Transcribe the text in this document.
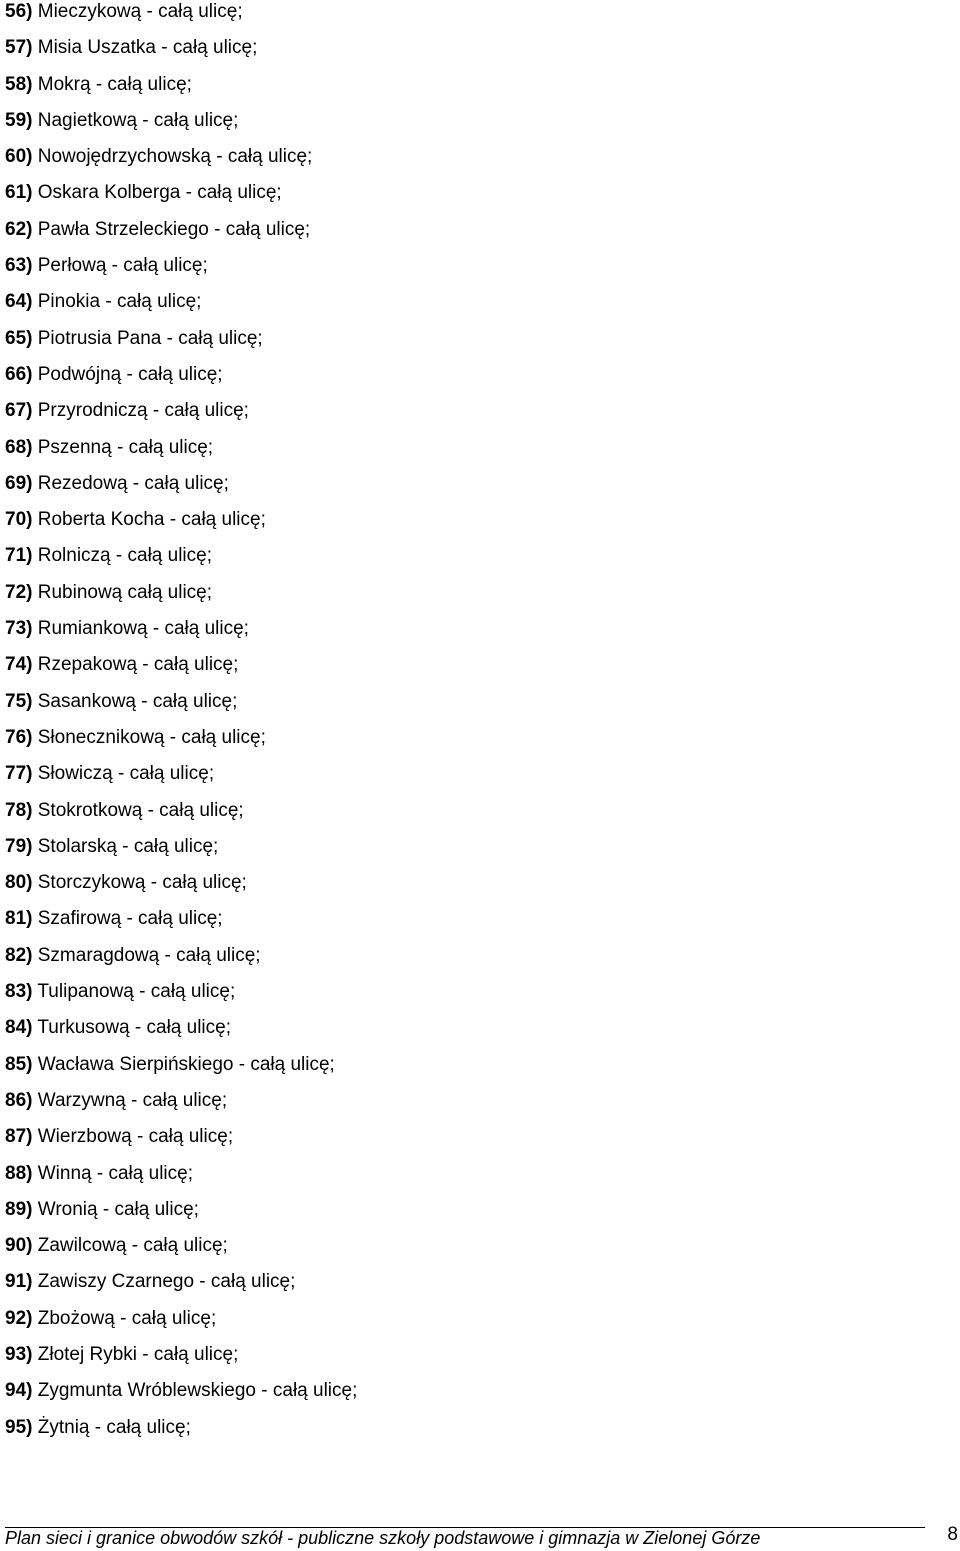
56) Mieczykową - całą ulicę;
57) Misia Uszatka - całą ulicę;
58) Mokrą - całą ulicę;
59) Nagietkową - całą ulicę;
60) Nowojędrzychowską - całą ulicę;
61) Oskara Kolberga - całą ulicę;
62) Pawła Strzeleckiego - całą ulicę;
63) Perłową - całą ulicę;
64) Pinokia - całą ulicę;
65) Piotrusia Pana - całą ulicę;
66) Podwójną - całą ulicę;
67) Przyrodniczą - całą ulicę;
68) Pszenną - całą ulicę;
69) Rezedową - całą ulicę;
70) Roberta Kocha - całą ulicę;
71) Rolniczą - całą ulicę;
72) Rubinową całą ulicę;
73) Rumiankową - całą ulicę;
74) Rzepakową - całą ulicę;
75) Sasankową - całą ulicę;
76) Słonecznikową - całą ulicę;
77) Słowiczą - całą ulicę;
78) Stokrotkową - całą ulicę;
79) Stolarską - całą ulicę;
80) Storczykową - całą ulicę;
81) Szafirową - całą ulicę;
82) Szmaragdową - całą ulicę;
83) Tulipanową - całą ulicę;
84) Turkusową - całą ulicę;
85) Wacława Sierpińskiego - całą ulicę;
86) Warzywną - całą ulicę;
87) Wierzbową - całą ulicę;
88) Winną - całą ulicę;
89) Wronią - całą ulicę;
90) Zawilcową - całą ulicę;
91) Zawiszy Czarnego - całą ulicę;
92) Zbożową - całą ulicę;
93) Złotej Rybki - całą ulicę;
94) Zygmunta Wróblewskiego - całą ulicę;
95) Żytnią - całą ulicę;
Plan sieci i granice obwodów szkół - publiczne szkoły podstawowe i gimnazja w Zielonej Górze	8
